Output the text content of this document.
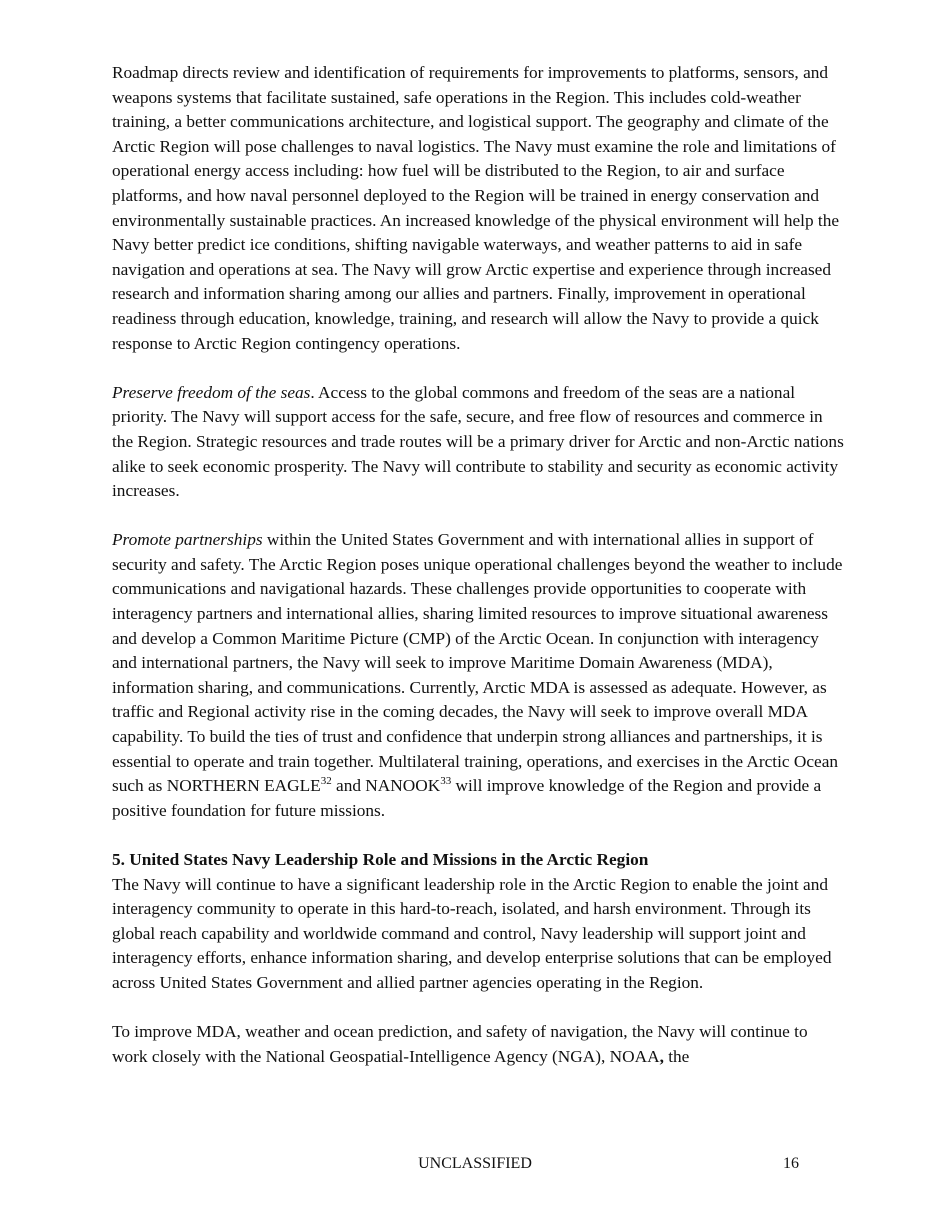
Roadmap directs review and identification of requirements for improvements to platforms, sensors, and weapons systems that facilitate sustained, safe operations in the Region. This includes cold-weather training, a better communications architecture, and logistical support. The geography and climate of the Arctic Region will pose challenges to naval logistics. The Navy must examine the role and limitations of operational energy access including: how fuel will be distributed to the Region, to air and surface platforms, and how naval personnel deployed to the Region will be trained in energy conservation and environmentally sustainable practices. An increased knowledge of the physical environment will help the Navy better predict ice conditions, shifting navigable waterways, and weather patterns to aid in safe navigation and operations at sea. The Navy will grow Arctic expertise and experience through increased research and information sharing among our allies and partners. Finally, improvement in operational readiness through education, knowledge, training, and research will allow the Navy to provide a quick response to Arctic Region contingency operations.

Preserve freedom of the seas. Access to the global commons and freedom of the seas are a national priority. The Navy will support access for the safe, secure, and free flow of resources and commerce in the Region. Strategic resources and trade routes will be a primary driver for Arctic and non-Arctic nations alike to seek economic prosperity. The Navy will contribute to stability and security as economic activity increases.

Promote partnerships within the United States Government and with international allies in support of security and safety. The Arctic Region poses unique operational challenges beyond the weather to include communications and navigational hazards. These challenges provide opportunities to cooperate with interagency partners and international allies, sharing limited resources to improve situational awareness and develop a Common Maritime Picture (CMP) of the Arctic Ocean. In conjunction with interagency and international partners, the Navy will seek to improve Maritime Domain Awareness (MDA), information sharing, and communications. Currently, Arctic MDA is assessed as adequate. However, as traffic and Regional activity rise in the coming decades, the Navy will seek to improve overall MDA capability. To build the ties of trust and confidence that underpin strong alliances and partnerships, it is essential to operate and train together. Multilateral training, operations, and exercises in the Arctic Ocean such as NORTHERN EAGLE$^{32}$ and NANOOK$^{33}$ will improve knowledge of the Region and provide a positive foundation for future missions.

5. United States Navy Leadership Role and Missions in the Arctic Region

The Navy will continue to have a significant leadership role in the Arctic Region to enable the joint and interagency community to operate in this hard-to-reach, isolated, and harsh environment. Through its global reach capability and worldwide command and control, Navy leadership will support joint and interagency efforts, enhance information sharing, and develop enterprise solutions that can be employed across United States Government and allied partner agencies operating in the Region.

To improve MDA, weather and ocean prediction, and safety of navigation, the Navy will continue to work closely with the National Geospatial-Intelligence Agency (NGA), NOAA, the

UNCLASSIFIED	16
